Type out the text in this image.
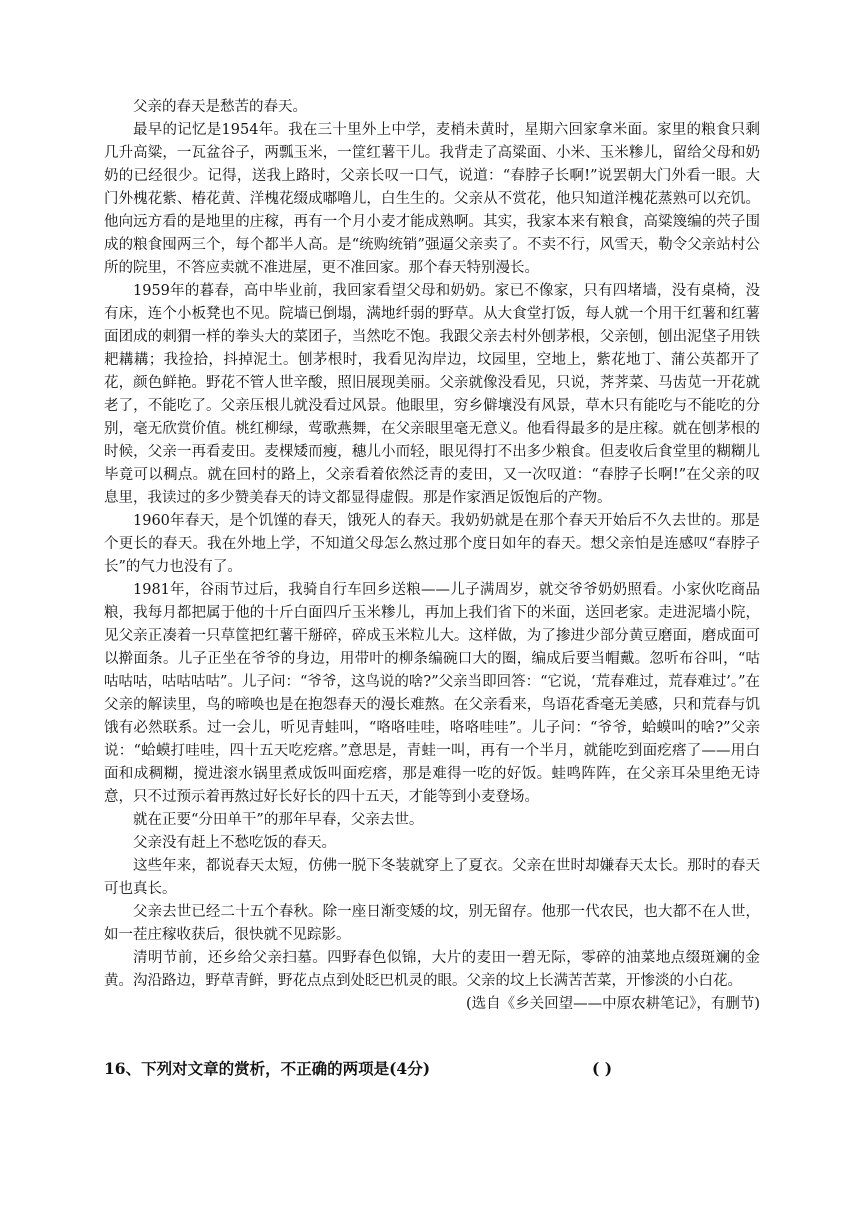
父亲的春天是愁苦的春天。

最早的记忆是1954年。我在三十里外上中学，麦梢未黄时，星期六回家拿米面。家里的粮食只剩几升高粱，一瓦盆谷子，两瓢玉米，一筐红薯干儿。我背走了高粱面、小米、玉米糁儿，留给父母和奶奶的已经很少。记得，送我上路时，父亲长叹一口气，说道：“春脖子长啊!”说罢朝大门外看一眼。大门外槐花紫、椿花黄、洋槐花缀成嘟噜儿，白生生的。父亲从不赏花，他只知道洋槐花蒸熟可以充饥。他向远方看的是地里的庄稼，再有一个月小麦才能成熟啊。其实，我家本来有粮食，高粱篾编的茓子围成的粮食囤两三个，每个都半人高。是“统购统销”强逼父亲卖了。不卖不行，风雪天，勒令父亲站村公所的院里，不答应卖就不准进屋，更不准回家。那个春天特别漫长。

1959年的暮春，高中毕业前，我回家看望父母和奶奶。家已不像家，只有四堵墙，没有桌椅，没有床，连个小板凳也不见。院墙已倒塌，满地纤弱的野草。从大食堂打饭，每人就一个用干红薯和红薯面团成的刺猬一样的拳头大的菜团子，当然吃不饱。我跟父亲去村外刨茅根，父亲刨，刨出泥垡子用铁耙耩耩；我捡拾，抖掉泥土。刨茅根时，我看见沟岸边，坟园里，空地上，紫花地丁、蒲公英都开了花，颜色鲜艳。野花不管人世辛酸，照旧展现美丽。父亲就像没看见，只说，荠荠菜、马齿苋一开花就老了，不能吃了。父亲压根儿就没看过风景。他眼里，穷乡僻壤没有风景，草木只有能吃与不能吃的分别，毫无欣赏价值。桃红柳绿，莺歌燕舞，在父亲眼里毫无意义。他看得最多的是庄稼。就在刨茅根的时候，父亲一再看麦田。麦棵矮而瘦，穗儿小而轻，眼见得打不出多少粮食。但麦收后食堂里的糊糊儿毕竟可以稠点。就在回村的路上，父亲看着依然泛青的麦田，又一次叹道：“春脖子长啊!”在父亲的叹息里，我读过的多少赞美春天的诗文都显得虚假。那是作家酒足饭饱后的产物。

1960年春天，是个饥馑的春天，饿死人的春天。我奶奶就是在那个春天开始后不久去世的。那是个更长的春天。我在外地上学，不知道父母怎么熬过那个度日如年的春天。想父亲怕是连感叹“春脖子长”的气力也没有了。

1981年，谷雨节过后，我骑自行车回乡送粮——儿子满周岁，就交爷爷奶奶照看。小家伙吃商品粮，我每月都把属于他的十斤白面四斤玉米糁儿，再加上我们省下的米面，送回老家。走进泥墙小院，见父亲正凑着一只草筐把红薯干掰碎，碎成玉米粒儿大。这样做，为了掺进少部分黄豆磨面，磨成面可以擀面条。儿子正坐在爷爷的身边，用带叶的柳条编碗口大的圈，编成后要当帽戴。忽听布谷叫，“咕咕咕咕，咕咕咕咕”。儿子问：“爷爷，这鸟说的啥?”父亲当即回答：“它说，‘荒春难过，荒春难过’。”在父亲的解读里，鸟的啼唤也是在抱怨春天的漫长难熬。在父亲看来，鸟语花香毫无美感，只和荒春与饥饿有必然联系。过一会儿，听见青蛙叫，“咯咯哇哇，咯咯哇哇”。儿子问：“爷爷，蛤蟆叫的啥?”父亲说：“蛤蟆打哇哇，四十五天吃疙瘩。”意思是，青蛙一叫，再有一个半月，就能吃到面疙瘩了——用白面和成稠糊，搅进滚水锅里煮成饭叫面疙瘩，那是难得一吃的好饭。蛙鸣阵阵，在父亲耳朵里绝无诗意，只不过预示着再熬过好长好长的四十五天，才能等到小麦登场。

就在正要“分田单干”的那年早春，父亲去世。

父亲没有赶上不愁吃饭的春天。

这些年来，都说春天太短，仿佛一脱下冬装就穿上了夏衣。父亲在世时却嫌春天太长。那时的春天可也真长。

父亲去世已经二十五个春秋。除一座日渐变矮的坟，别无留存。他那一代农民，也大都不在人世，如一茬庄稼收获后，很快就不见踪影。

清明节前，还乡给父亲扫墓。四野春色似锦，大片的麦田一碧无际，零碎的油菜地点缀斑斓的金黄。沟沿路边，野草青鲜，野花点点到处眨巴机灵的眼。父亲的坟上长满苦苦菜，开惨淡的小白花。

(选自《乡关回望——中原农耕笔记》，有删节)

16、下列对文章的赏析，不正确的两项是(4分)	( )
